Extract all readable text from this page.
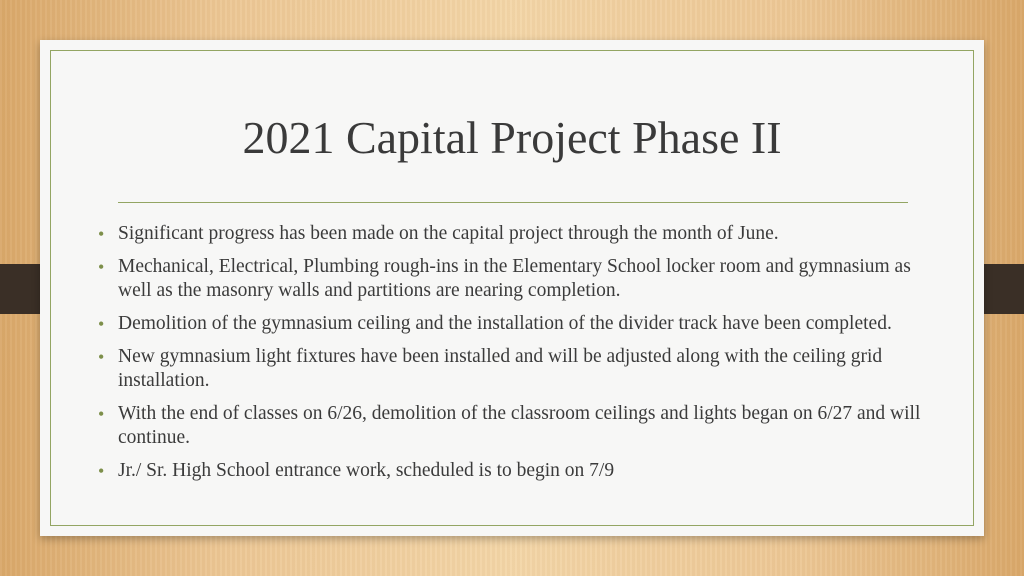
2021 Capital Project Phase II
• Significant progress has been made on the capital project through the month of June.
• Mechanical, Electrical, Plumbing rough-ins in the Elementary School locker room and gymnasium as well as the masonry walls and partitions are nearing completion.
• Demolition of the gymnasium ceiling and the installation of the divider track have been completed.
• New gymnasium light fixtures have been installed and will be adjusted along with the ceiling grid installation.
• With the end of classes on 6/26, demolition of the classroom ceilings and lights began on 6/27 and will continue.
• Jr./ Sr. High School entrance work, scheduled is to begin on 7/9
